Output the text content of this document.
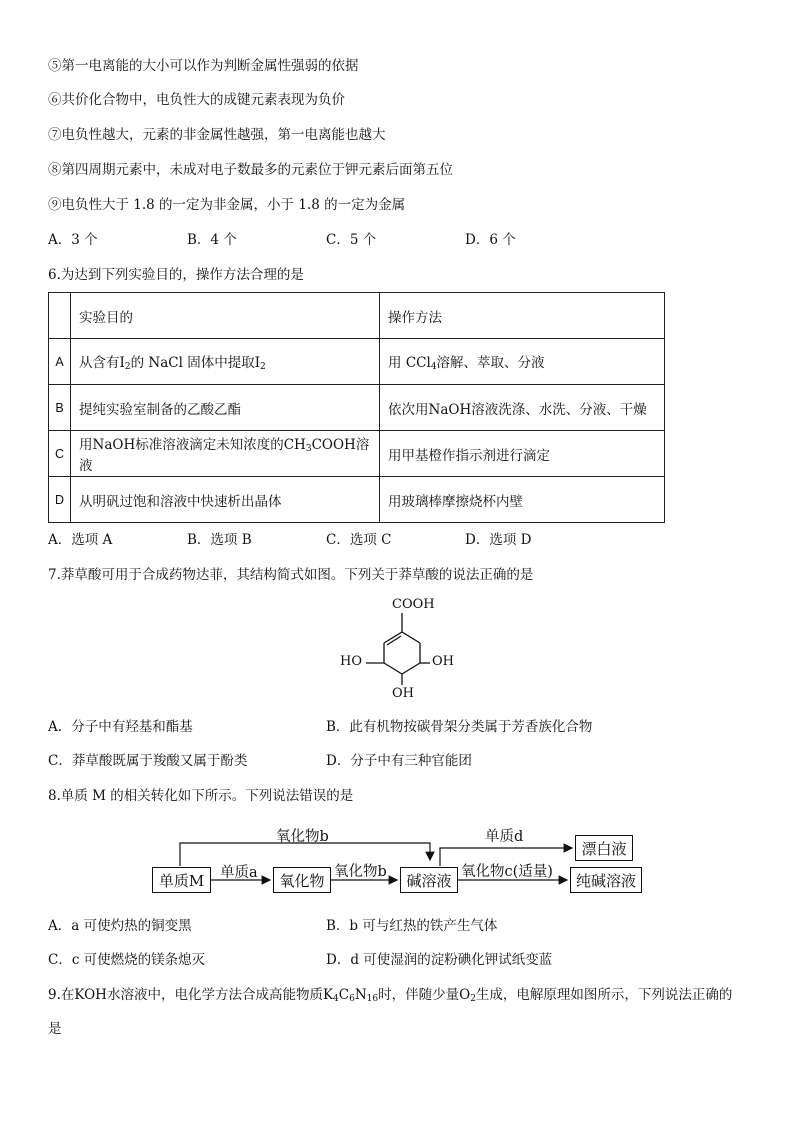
⑤第一电离能的大小可以作为判断金属性强弱的依据
⑥共价化合物中，电负性大的成键元素表现为负价
⑦电负性越大，元素的非金属性越强，第一电离能也越大
⑧第四周期元素中，未成对电子数最多的元素位于钾元素后面第五位
⑨电负性大于 1.8 的一定为非金属，小于 1.8 的一定为金属
A．3 个	B．4 个	C．5 个	D．6 个
6.为达到下列实验目的，操作方法合理的是
	实验目的	操作方法
A	从含有$I_2$的 NaCl 固体中提取$I_2$	用 CCl$_4$溶解、萃取、分液
B	提纯实验室制备的乙酸乙酯	依次用NaOH溶液洗涤、水洗、分液、干燥
C	用NaOH标准溶液滴定未知浓度的$CH_3COOH$溶液	用甲基橙作指示剂进行滴定
D	从明矾过饱和溶液中快速析出晶体	用玻璃棒摩擦烧杯内壁
A．选项 A	B．选项 B	C．选项 C	D．选项 D
7.莽草酸可用于合成药物达菲，其结构简式如图。下列关于莽草酸的说法正确的是
COOH
HO	OH
OH
A．分子中有羟基和酯基	B．此有机物按碳骨架分类属于芳香族化合物
C．莽草酸既属于羧酸又属于酚类	D．分子中有三种官能团
8.单质 M 的相关转化如下所示。下列说法错误的是
单质M	氧化物	碱溶液
漂白液
纯碱溶液
氧化物b
单质a	氧化物b
单质d
氧化物c(适量)
A．a 可使灼热的铜变黑	B．b 可与红热的铁产生气体
C．c 可使燃烧的镁条熄灭	D．d 可使湿润的淀粉碘化钾试纸变蓝
9.在KOH水溶液中，电化学方法合成高能物质$K_4C_6N_{16}$时，伴随少量$O_2$生成，电解原理如图所示，下列说法正确的
是
